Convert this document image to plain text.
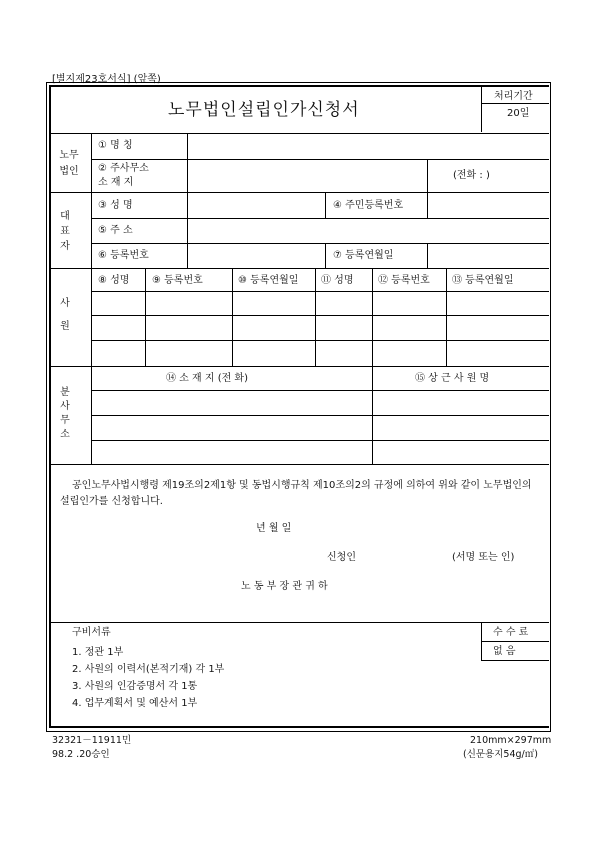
[별지제23호서식] (앞쪽)
노무법인설립인가신청서
처리기간
20일
노무
법인
① 명 칭
② 주사무소
소 재 지
(전화 : )
대
표
자
③ 성 명	④ 주민등록번호
⑤ 주 소
⑥ 등록번호	⑦ 등록연월일
사
원
⑧ 성명 ⑨ 등록번호	⑩ 등록연월일 ⑪ 성명 ⑫ 등록번호 ⑬ 등록연월일
분
사
무
소
⑭ 소 재 지 (전 화)	⑮ 상 근 사 원 명
공인노무사법시행령 제19조의2제1항 및 동법시행규칙 제10조의2의 규정에 의하여 위와 같이 노무법인의 설립인가를 신청합니다.
년 월 일
신청인	(서명 또는 인)
노 동 부 장 관 귀 하
수 수 료
없 음
구비서류
1. 정관 1부
2. 사원의 이력서(본적기재) 각 1부
3. 사원의 인감증명서 각 1통
4. 업무계획서 및 예산서 1부
32321－11911민
98.2 .20승인
210mm×297mm
(신문용지54g/㎡)
